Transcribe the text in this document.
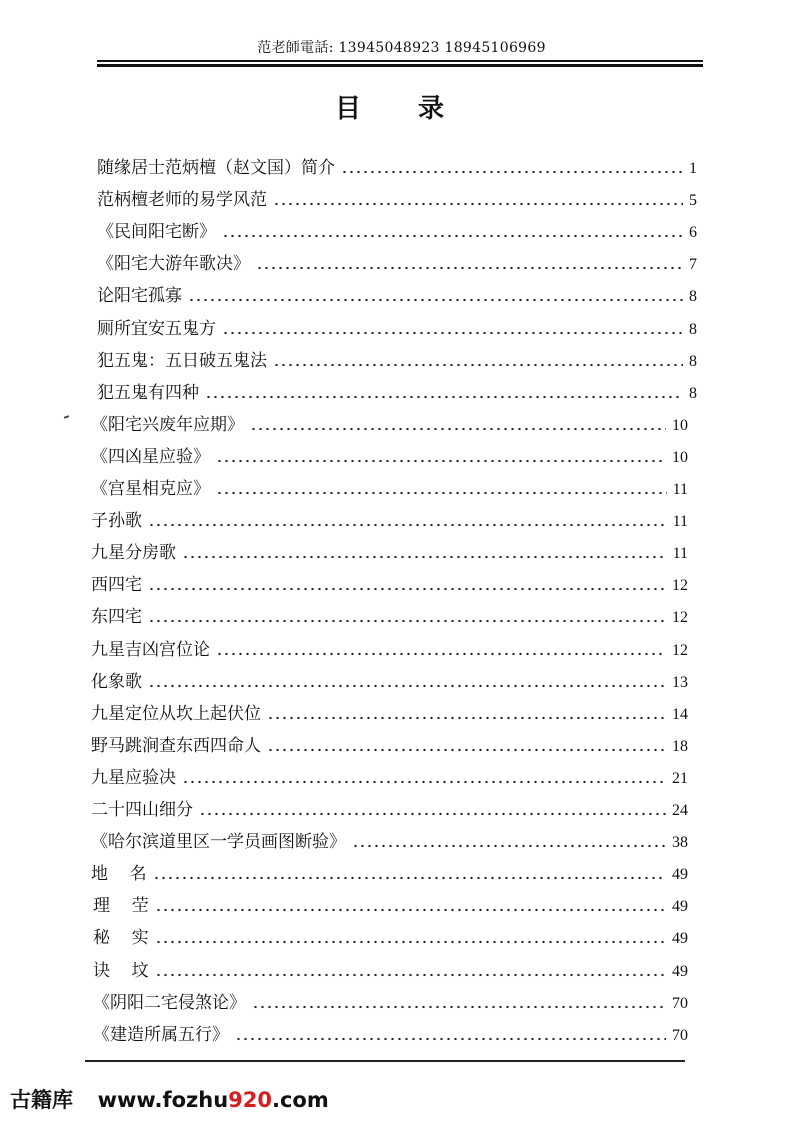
范老師電話: 13945048923 18945106969
目 录
随缘居士范炳檀（赵文国）简介	1
范柄檀老师的易学风范	5
《民间阳宅断》	6
《阳宅大游年歌决》	7
论阳宅孤寡	8
厕所宜安五鬼方	8
犯五鬼：五日破五鬼法	8
犯五鬼有四种	8
《阳宅兴废年应期》	10
《四凶星应验》	10
《宫星相克应》	11
子孙歌	11
九星分房歌	11
西四宅	12
东四宅	12
九星吉凶宫位论	12
化象歌	13
九星定位从坎上起伏位	14
野马跳涧查东西四命人	18
九星应验决	21
二十四山细分	24
《哈尔滨道里区一学员画图断验》	38
地    名	49
理    茔	49
秘    实	49
诀    坟	49
《阴阳二宅侵煞论》	70
《建造所属五行》	70
古籍库 www.fozhu920.com
